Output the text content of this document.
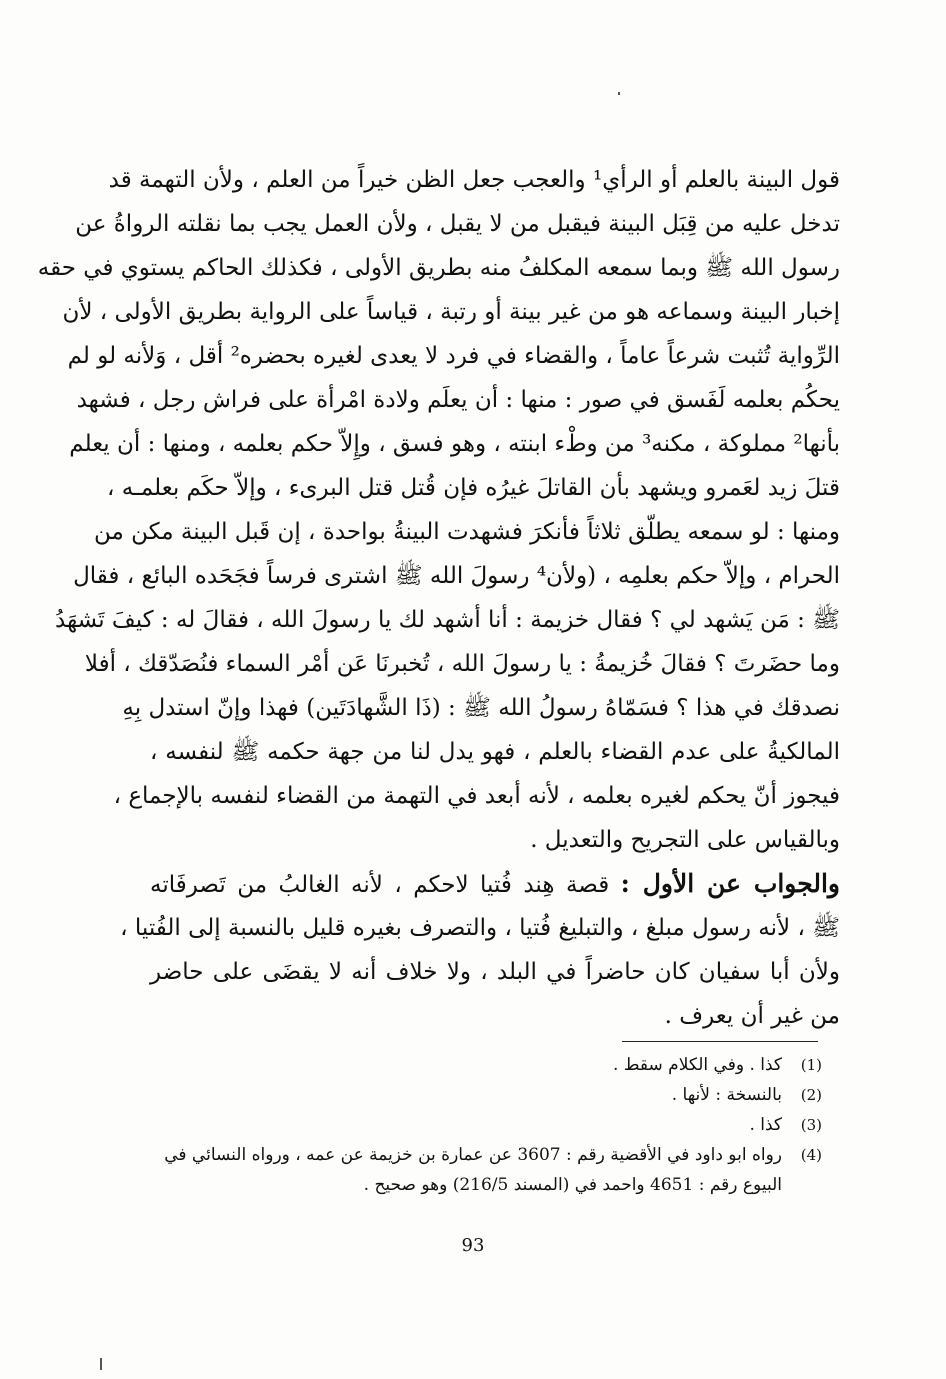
قول البينة بالعلم أو الرأي¹ والعجب جعل الظن خيراً من العلم ، ولأن التهمة قد
تدخل عليه من قِبَل البينة فيقبل من لا يقبل ، ولأن العمل يجب بما نقلته الرواةُ عن
رسول الله ﷺ وبما سمعه المكلفُ منه بطريق الأولى ، فكذلك الحاكم يستوي في حقه
إخبار البينة وسماعه هو من غير بينة أو رتبة ، قياساً على الرواية بطريق الأولى ، لأن
الرِّواية تُثبت شرعاً عاماً ، والقضاء في فرد لا يعدى لغيره بحضره² أقل ، وَلأنه لو لم
يحكُم بعلمه لَفَسق في صور : منها : أن يعلَم ولادة امْرأة على فراش رجل ، فشهد
بأنها² مملوكة ، مكنه³ من وطْء ابنته ، وهو فسق ، وإِلاّ حكم بعلمه ، ومنها : أن يعلم
قتلَ زيد لعَمرو ويشهد بأن القاتلَ غيرُه فإن قُتل قتل البرىء ، وإلاّ حكَم بعلمـه ،
ومنها : لو سمعه يطلّق ثلاثاً فأنكرَ فشهدت البينةُ بواحدة ، إن قَبل البينة مكن من
الحرام ، وإلاّ حكم بعلمِه ، (ولأن⁴ رسولَ الله ﷺ اشترى فرساً فجَحَده البائع ، فقال
ﷺ : مَن يَشهد لي ؟ فقال خزيمة : أنا أشهد لك يا رسولَ الله ، فقالَ له : كيفَ تَشهَدُ
وما حضَرتَ ؟ فقالَ خُزيمةُ : يا رسولَ الله ، تُخبرنَا عَن أمْر السماء فنُصَدّقك ، أفلا
نصدقك في هذا ؟ فسَمّاهُ رسولُ الله ﷺ : (ذَا الشَّهادَتَين) فهذا وإنّ استدل بِهِ
المالكيةُ على عدم القضاء بالعلم ، فهو يدل لنا من جهة حكمه ﷺ لنفسه ،
فيجوز أنّ يحكم لغيره بعلمه ، لأنه أبعد في التهمة من القضاء لنفسه بالإجماع ،
وبالقياس على التجريح والتعديل .
والجواب عن الأول : قصة هِند فُتيا لاحكم ، لأنه الغالبُ من تَصرفَاته
ﷺ ، لأنه رسول مبلغ ، والتبليغ فُتيا ، والتصرف بغيره قليل بالنسبة إلى الفُتيا ،
ولأن أبا سفيان كان حاضراً في البلد ، ولا خلاف أنه لا يقضَى على حاضر
من غير أن يعرف .
(1)
كذا . وفي الكلام سقط .
(2)
بالنسخة : لأنها .
(3)
كذا .
(4)
رواه ابو داود في الأقضية رقم : 3607 عن عمارة بن خزيمة عن عمه ، ورواه النسائي في
البيوع رقم : 4651 واحمد في (المسند 216/5) وهو صحيح .
93
